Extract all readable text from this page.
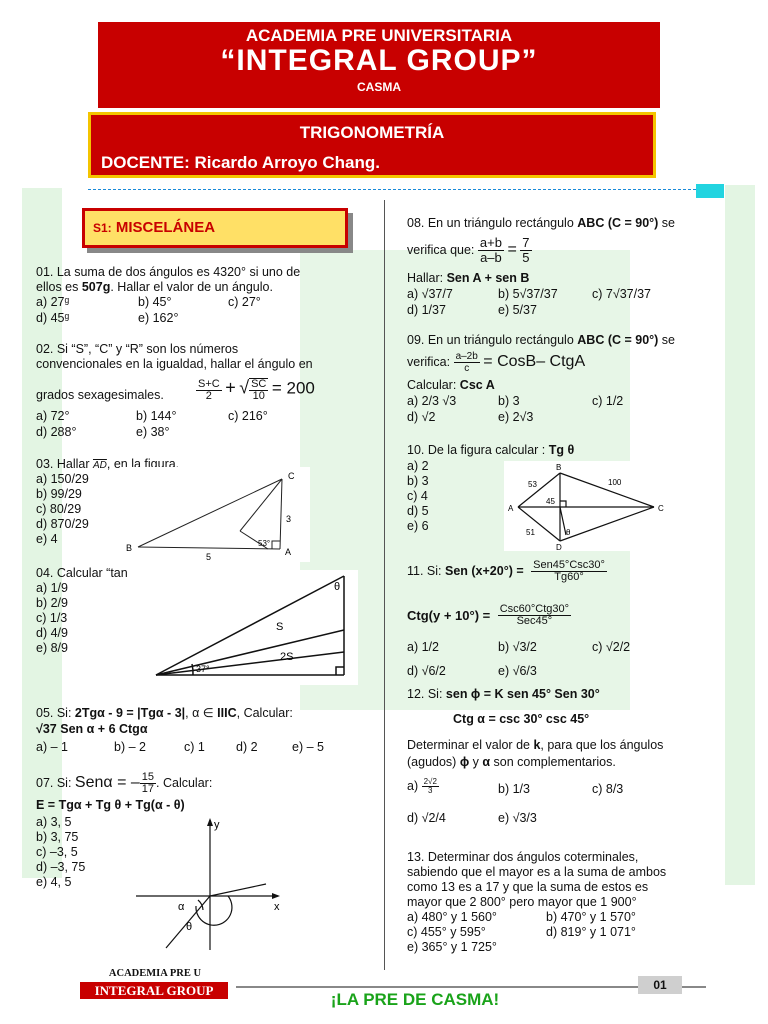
ACADEMIA PRE UNIVERSITARIA
“INTEGRAL GROUP”
CASMA
TRIGONOMETRÍA
DOCENTE: Ricardo Arroyo Chang.
S1: MISCELÁNEA
01. La suma de dos ángulos es 4320° si uno de
ellos es 507g. Hallar el valor de un ángulo.
a) 27ᵍ	b) 45°	c) 27°
d) 45ᵍ	e) 162°
02. Si “S”, “C” y “R” son los números
convencionales en la igualdad, hallar el ángulo en
grados sexagesimales.	$\frac{S+C}{2}$ + √ $\frac{SC}{10} = 200$
a) 72°	b) 144°	c) 216°
d) 288°	e) 38°
03. Hallar $\overline{AD}$, en la figura.
a) 150/29
b) 99/29
c) 80/29
d) 870/29
e) 4
B
C
A
3
5
53°
04. Calcular “tan
a) 1/9
b) 2/9
c) 1/3
d) 4/9
e) 8/9
θ
S
2S
37°
05. Si: 2Tgα - 9 = |Tgα - 3|, α ∈ IIIC, Calcular:
√37 Sen α + 6 Ctgα
a) – 1	b) – 2	c) 1 d) 2	e) – 5
07. Si: Senα = – $\frac{15}{17}$ . Calcular:
E = Tgα + Tg θ + Tg(α - θ)
a) 3, 5
b) 3, 75
c) –3, 5
d) –3, 75
e) 4, 5
y
x
α
θ
08. En un triángulo rectángulo ABC (C = 90°) se
verifica que: $\frac{a+b}{a-b} = \frac{7}{5}$
Hallar: Sen A + sen B
a) √37/7	b) 5√37/37	c) 7√37/37
d) 1/37	e) 5/37
09. En un triángulo rectángulo ABC (C = 90°) se
verifica: $\frac{a-2b}{c}$ = CosB– CtgA
Calcular: Csc A
a) 2/3 √3	b) 3	c) 1/2
d) √2	e) 2√3
10. De la figura calcular : Tg θ
a) 2
b) 3
c) 4
d) 5
e) 6
B
A	C
D
53	100
45
51	θ
11. Si: Sen $(x+20^\circ) = \frac{\text{Sen45°Csc30°}}{Tg60^\circ}$
$Ctg(y + 10^\circ) = \frac{\text{Csc60°Ctg30°}}{\text{Sec45°}}$
a) 1/2	b) √3/2	c) √2/2
d) √6/2	e) √6/3
12. Si: sen ϕ = K sen 45° Sen 30°
Ctg α = csc 30° csc 45°
Determinar el valor de k, para que los ángulos
(agudos) ϕ y α son complementarios.
$a) \frac{2√2}{3}$	b) 1/3	c) 8/3
d) √2/4	e) √3/3
13. Determinar dos ángulos coterminales,
sabiendo que el mayor es a la suma de ambos
como 13 es a 17 y que la suma de estos es
mayor que 2 800° pero mayor que 1 900°
a) 480° y 1 560°	b) 470° y 1 570°
c) 455° y 595°	d) 819° y 1 071°
e) 365° y 1 725°
ACADEMIA PRE U
INTEGRAL GROUP	01
¡LA PRE DE CASMA!
